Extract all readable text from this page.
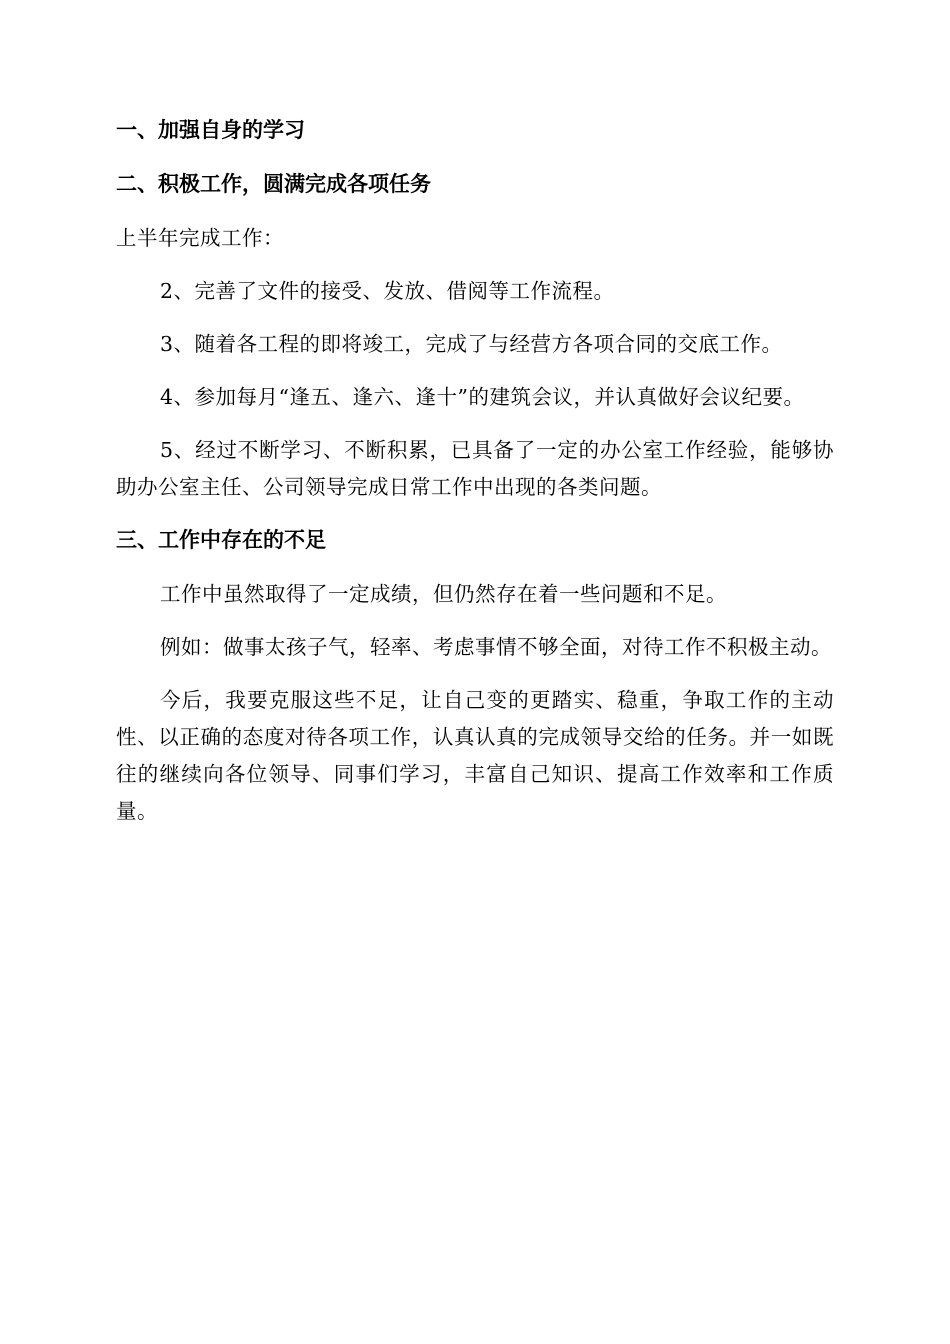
一、加强自身的学习
二、积极工作，圆满完成各项任务

上半年完成工作：

2、完善了文件的接受、发放、借阅等工作流程。

3、随着各工程的即将竣工，完成了与经营方各项合同的交底工作。

4、参加每月“逢五、逢六、逢十”的建筑会议，并认真做好会议纪要。

5、经过不断学习、不断积累，已具备了一定的办公室工作经验，能够协助办公室主任、公司领导完成日常工作中出现的各类问题。

三、工作中存在的不足

工作中虽然取得了一定成绩，但仍然存在着一些问题和不足。

例如：做事太孩子气，轻率、考虑事情不够全面，对待工作不积极主动。

今后，我要克服这些不足，让自己变的更踏实、稳重，争取工作的主动性、以正确的态度对待各项工作，认真认真的完成领导交给的任务。并一如既往的继续向各位领导、同事们学习，丰富自己知识、提高工作效率和工作质量。
